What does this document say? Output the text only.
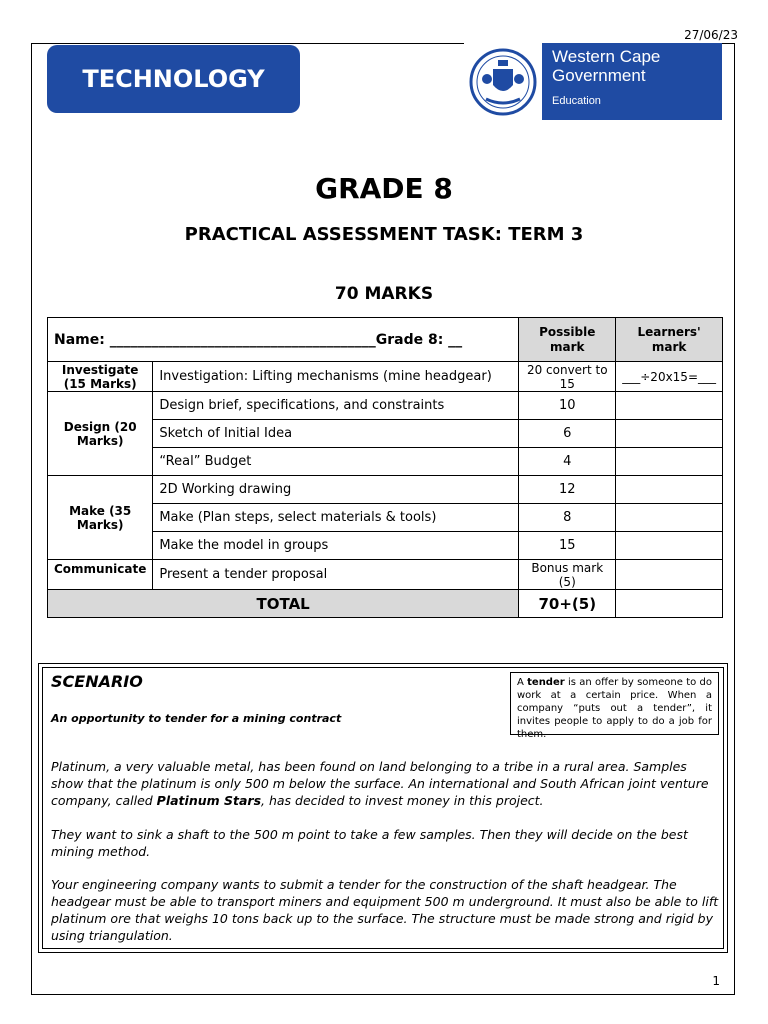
27/06/23
TECHNOLOGY
Western Cape
Government
Education
GRADE 8
PRACTICAL ASSESSMENT TASK: TERM 3
70 MARKS
Name: ______________________________________Grade 8: __		Possible mark	Learners' mark
Investigate (15 Marks)	Investigation: Lifting mechanisms (mine headgear)	20 convert to 15	___÷20x15=___
Design (20 Marks)	Design brief, specifications, and constraints	10	
	Sketch of Initial Idea	6	
	“Real” Budget	4	
Make (35 Marks)	2D Working drawing	12	
	Make (Plan steps, select materials & tools)	8	
	Make the model in groups	15	
Communicate	Present a tender proposal	Bonus mark (5)	
TOTAL		70+(5)	
SCENARIO
An opportunity to tender for a mining contract
A tender is an offer by someone to do work at a certain price. When a company “puts out a tender”, it invites people to apply to do a job for them.
Platinum, a very valuable metal, has been found on land belonging to a tribe in a rural area. Samples show that the platinum is only 500 m below the surface. An international and South African joint venture company, called Platinum Stars, has decided to invest money in this project.
They want to sink a shaft to the 500 m point to take a few samples. Then they will decide on the best mining method.
Your engineering company wants to submit a tender for the construction of the shaft headgear. The headgear must be able to transport miners and equipment 500 m underground. It must also be able to lift platinum ore that weighs 10 tons back up to the surface. The structure must be made strong and rigid by using triangulation.
1
